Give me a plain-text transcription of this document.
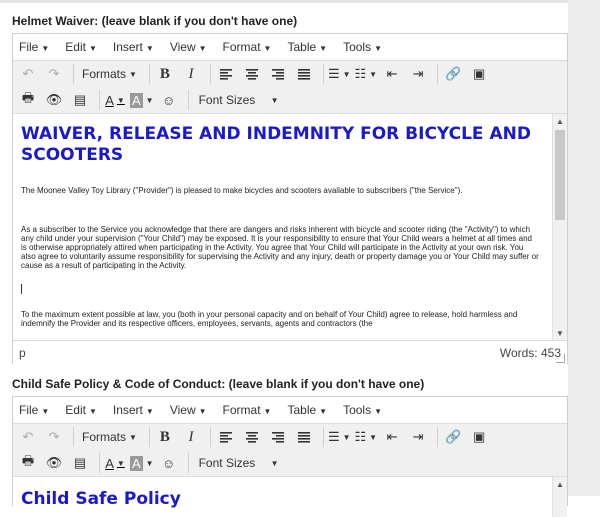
Helmet Waiver: (leave blank if you don't have one)
File ▼ Edit ▼ Insert ▼ View ▼ Format ▼ Table ▼ Tools ▼
↶	↷	Formats ▼	B	I	☰ ▼ ☷ ▼ ⇤	⇥	🔗 ▣
🖶 👁 ▤	A ▼ A ▼ ☺	Font Sizes ▼
WAIVER, RELEASE AND INDEMNITY FOR BICYCLE AND SCOOTERS

The Moonee Valley Toy Library ("Provider") is pleased to make bicycles and scooters available to subscribers ("the Service").

As a subscriber to the Service you acknowledge that there are dangers and risks inherent with bicycle and scooter riding (the "Activity") to which any child under your supervision ("Your Child") may be exposed. It is your responsibility to ensure that Your Child wears a helmet at all times and is otherwise appropriately attired when participating in the Activity. You agree that Your Child will participate in the Activity at your own risk. You also agree to voluntarily assume responsibility for supervising the Activity and any injury, death or property damage you or Your Child may suffer or cause as a result of participating in the Activity.

To the maximum extent possible at law, you (both in your personal capacity and on behalf of Your Child) agree to release, hold harmless and indemnify the Provider and its respective officers, employees, servants, agents and contractors (the

▲
▼
p	Words: 453
Child Safe Policy & Code of Conduct: (leave blank if you don't have one)
File ▼ Edit ▼ Insert ▼ View ▼ Format ▼ Table ▼ Tools ▼
↶	↷	Formats ▼	B	I	☰ ▼ ☷ ▼ ⇤	⇥	🔗 ▣
🖶 👁 ▤	A ▼ A ▼ ☺	Font Sizes ▼
Child Safe Policy
▲
